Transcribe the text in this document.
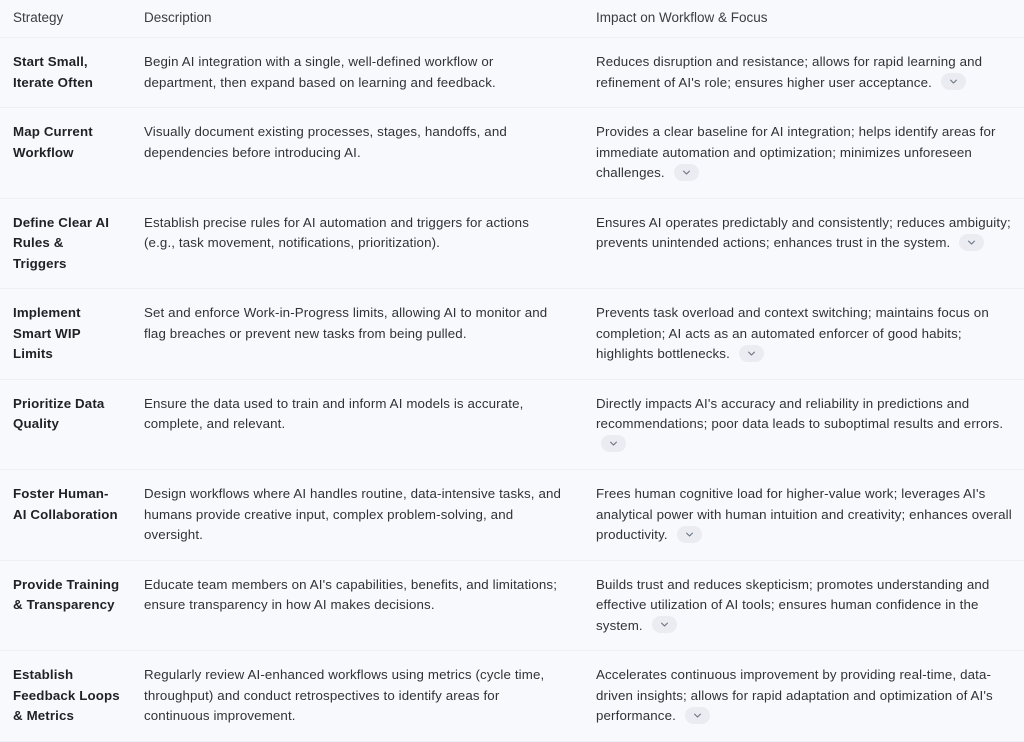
Strategy	Description	Impact on Workflow & Focus
Start Small, Iterate Often	Begin AI integration with a single, well-defined workflow or department, then expand based on learning and feedback.	Reduces disruption and resistance; allows for rapid learning and refinement of AI's role; ensures higher user acceptance.

Map Current Workflow	Visually document existing processes, stages, handoffs, and dependencies before introducing AI.	Provides a clear baseline for AI integration; helps identify areas for immediate automation and optimization; minimizes unforeseen challenges.

Define Clear AI Rules & Triggers	Establish precise rules for AI automation and triggers for actions (e.g., task movement, notifications, prioritization).	Ensures AI operates predictably and consistently; reduces ambiguity; prevents unintended actions; enhances trust in the system.

Implement Smart WIP Limits	Set and enforce Work-in-Progress limits, allowing AI to monitor and flag breaches or prevent new tasks from being pulled.	Prevents task overload and context switching; maintains focus on completion; AI acts as an automated enforcer of good habits; highlights bottlenecks.

Prioritize Data Quality	Ensure the data used to train and inform AI models is accurate, complete, and relevant.	Directly impacts AI's accuracy and reliability in predictions and recommendations; poor data leads to suboptimal results and errors.

Foster Human-AI Collaboration	Design workflows where AI handles routine, data-intensive tasks, and humans provide creative input, complex problem-solving, and oversight.	Frees human cognitive load for higher-value work; leverages AI's analytical power with human intuition and creativity; enhances overall productivity.

Provide Training & Transparency	Educate team members on AI's capabilities, benefits, and limitations; ensure transparency in how AI makes decisions.	Builds trust and reduces skepticism; promotes understanding and effective utilization of AI tools; ensures human confidence in the system.

Establish Feedback Loops & Metrics	Regularly review AI-enhanced workflows using metrics (cycle time, throughput) and conduct retrospectives to identify areas for continuous improvement.	Accelerates continuous improvement by providing real-time, data-driven insights; allows for rapid adaptation and optimization of AI's performance.
